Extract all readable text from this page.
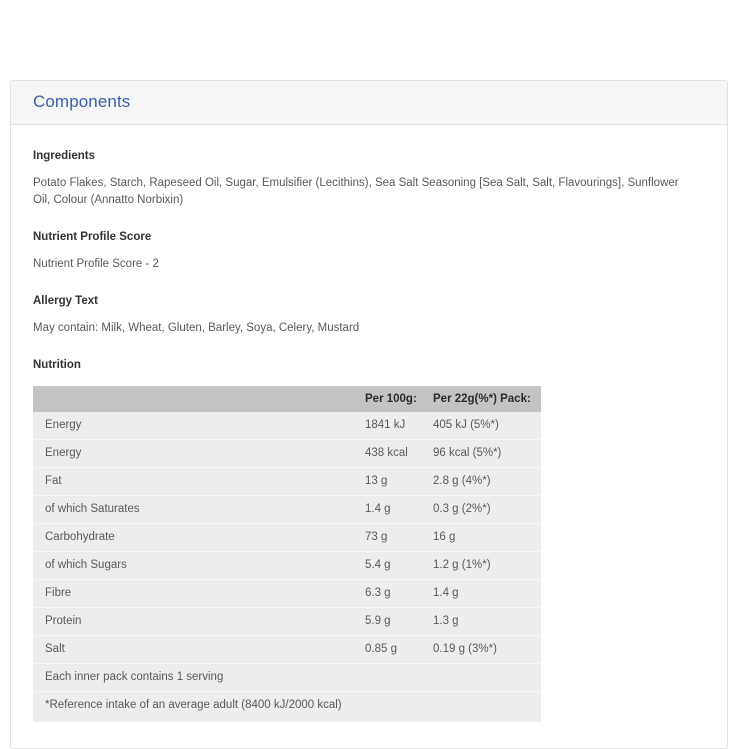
Components
Ingredients

Potato Flakes, Starch, Rapeseed Oil, Sugar, Emulsifier (Lecithins), Sea Salt Seasoning [Sea Salt, Salt, Flavourings], Sunflower Oil, Colour (Annatto Norbixin)

Nutrient Profile Score

Nutrient Profile Score - 2

Allergy Text

May contain: Milk, Wheat, Gluten, Barley, Soya, Celery, Mustard

Nutrition
	Per 100g:	Per 22g(%*) Pack:
Energy	1841 kJ	405 kJ (5%*)
Energy	438 kcal	96 kcal (5%*)
Fat	13 g	2.8 g (4%*)
of which Saturates	1.4 g	0.3 g (2%*)
Carbohydrate	73 g	16 g
of which Sugars	5.4 g	1.2 g (1%*)
Fibre	6.3 g	1.4 g
Protein	5.9 g	1.3 g
Salt	0.85 g	0.19 g (3%*)
Each inner pack contains 1 serving		
*Reference intake of an average adult (8400 kJ/2000 kcal)		
